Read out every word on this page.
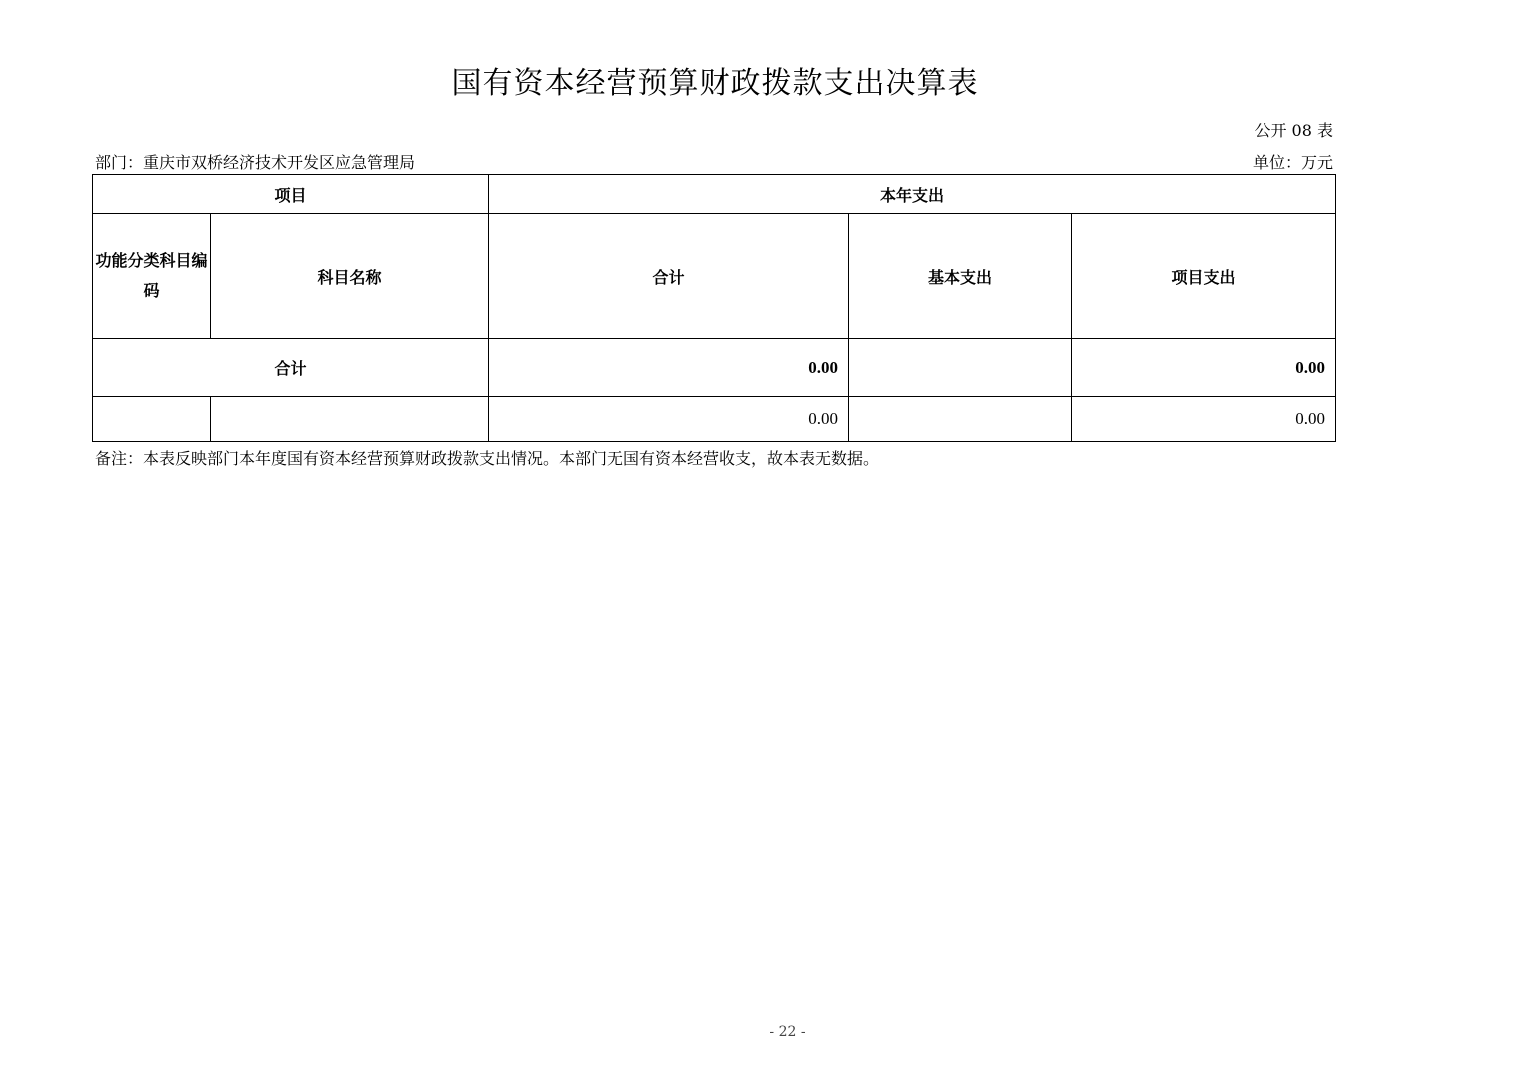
国有资本经营预算财政拨款支出决算表
公开 08 表
部门：重庆市双桥经济技术开发区应急管理局	单位：万元
项目		本年支出		
功能分类科目编码	科目名称	合计	基本支出	项目支出
合计		0.00		0.00
		0.00		0.00
备注：本表反映部门本年度国有资本经营预算财政拨款支出情况。本部门无国有资本经营收支，故本表无数据。
- 22 -
